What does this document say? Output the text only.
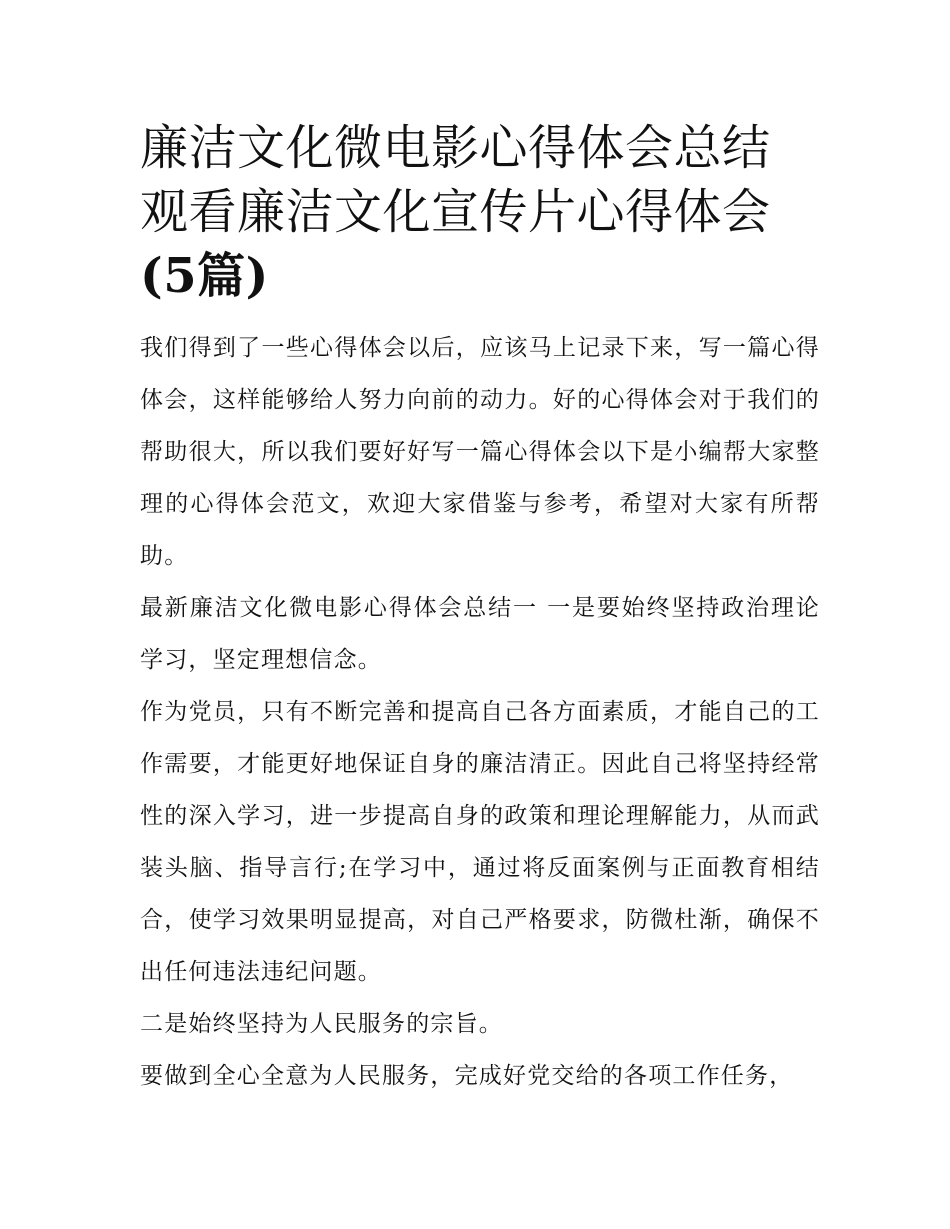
廉洁文化微电影心得体会总结
观看廉洁文化宣传片心得体会
(5篇)

我们得到了一些心得体会以后，应该马上记录下来，写一篇心得体会，这样能够给人努力向前的动力。好的心得体会对于我们的帮助很大，所以我们要好好写一篇心得体会以下是小编帮大家整理的心得体会范文，欢迎大家借鉴与参考，希望对大家有所帮助。

最新廉洁文化微电影心得体会总结一 一是要始终坚持政治理论学习，坚定理想信念。

作为党员，只有不断完善和提高自己各方面素质，才能自己的工作需要，才能更好地保证自身的廉洁清正。因此自己将坚持经常性的深入学习，进一步提高自身的政策和理论理解能力，从而武装头脑、指导言行;在学习中，通过将反面案例与正面教育相结合，使学习效果明显提高，对自己严格要求，防微杜渐，确保不出任何违法违纪问题。

二是始终坚持为人民服务的宗旨。

要做到全心全意为人民服务，完成好党交给的各项工作任务，
